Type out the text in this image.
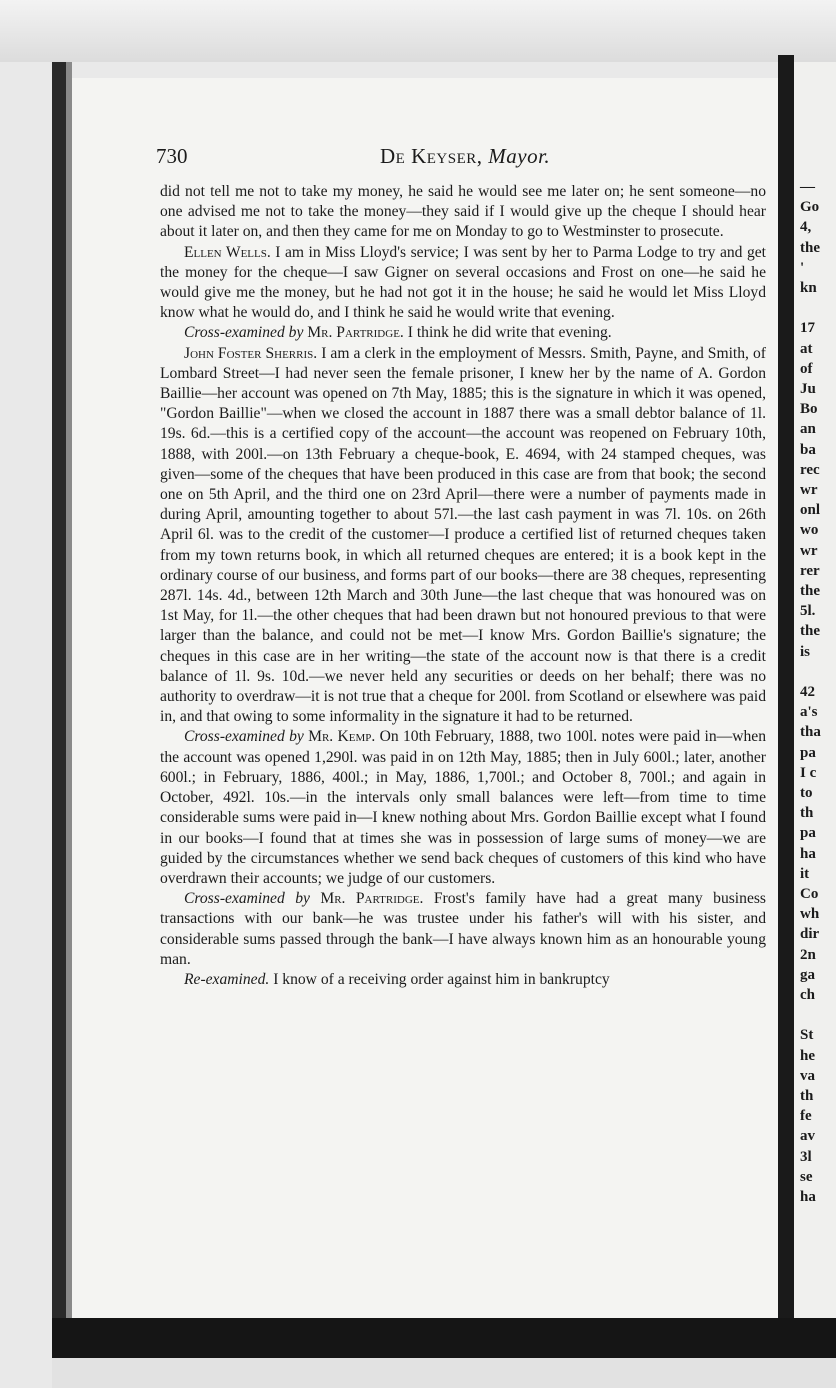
—
Go
4,
the
'
kn
17
at
of
Ju
Bo
an
ba
rec
wr
onl
wo
wr
rer
the
5l.
the
is
42
a's
tha
pa
I c
to
th
pa
ha
it
Co
wh
dir
2n
ga
ch
St
he
va
th
fe
av
3l
se
ha
730	De Keyser, Mayor.

did not tell me not to take my money, he said he would see me later on; he sent someone—no one advised me not to take the money—they said if I would give up the cheque I should hear about it later on, and then they came for me on Monday to go to Westminster to prosecute.

Ellen Wells. I am in Miss Lloyd's service; I was sent by her to Parma Lodge to try and get the money for the cheque—I saw Gigner on several occasions and Frost on one—he said he would give me the money, but he had not got it in the house; he said he would let Miss Lloyd know what he would do, and I think he said he would write that evening.

Cross-examined by Mr. Partridge. I think he did write that evening.

John Foster Sherris. I am a clerk in the employment of Messrs. Smith, Payne, and Smith, of Lombard Street—I had never seen the female prisoner, I knew her by the name of A. Gordon Baillie—her account was opened on 7th May, 1885; this is the signature in which it was opened, "Gordon Baillie"—when we closed the account in 1887 there was a small debtor balance of 1l. 19s. 6d.—this is a certified copy of the account—the account was reopened on February 10th, 1888, with 200l.—on 13th February a cheque-book, E. 4694, with 24 stamped cheques, was given—some of the cheques that have been produced in this case are from that book; the second one on 5th April, and the third one on 23rd April—there were a number of payments made in during April, amounting together to about 57l.—the last cash payment in was 7l. 10s. on 26th April 6l. was to the credit of the customer—I produce a certified list of returned cheques taken from my town returns book, in which all returned cheques are entered; it is a book kept in the ordinary course of our business, and forms part of our books—there are 38 cheques, representing 287l. 14s. 4d., between 12th March and 30th June—the last cheque that was honoured was on 1st May, for 1l.—the other cheques that had been drawn but not honoured previous to that were larger than the balance, and could not be met—I know Mrs. Gordon Baillie's signature; the cheques in this case are in her writing—the state of the account now is that there is a credit balance of 1l. 9s. 10d.—we never held any securities or deeds on her behalf; there was no authority to overdraw—it is not true that a cheque for 200l. from Scotland or elsewhere was paid in, and that owing to some informality in the signature it had to be returned.

Cross-examined by Mr. Kemp. On 10th February, 1888, two 100l. notes were paid in—when the account was opened 1,290l. was paid in on 12th May, 1885; then in July 600l.; later, another 600l.; in February, 1886, 400l.; in May, 1886, 1,700l.; and October 8, 700l.; and again in October, 492l. 10s.—in the intervals only small balances were left—from time to time considerable sums were paid in—I knew nothing about Mrs. Gordon Baillie except what I found in our books—I found that at times she was in possession of large sums of money—we are guided by the circumstances whether we send back cheques of customers of this kind who have overdrawn their accounts; we judge of our customers.

Cross-examined by Mr. Partridge. Frost's family have had a great many business transactions with our bank—he was trustee under his father's will with his sister, and considerable sums passed through the bank—I have always known him as an honourable young man.

Re-examined. I know of a receiving order against him in bankruptcy
